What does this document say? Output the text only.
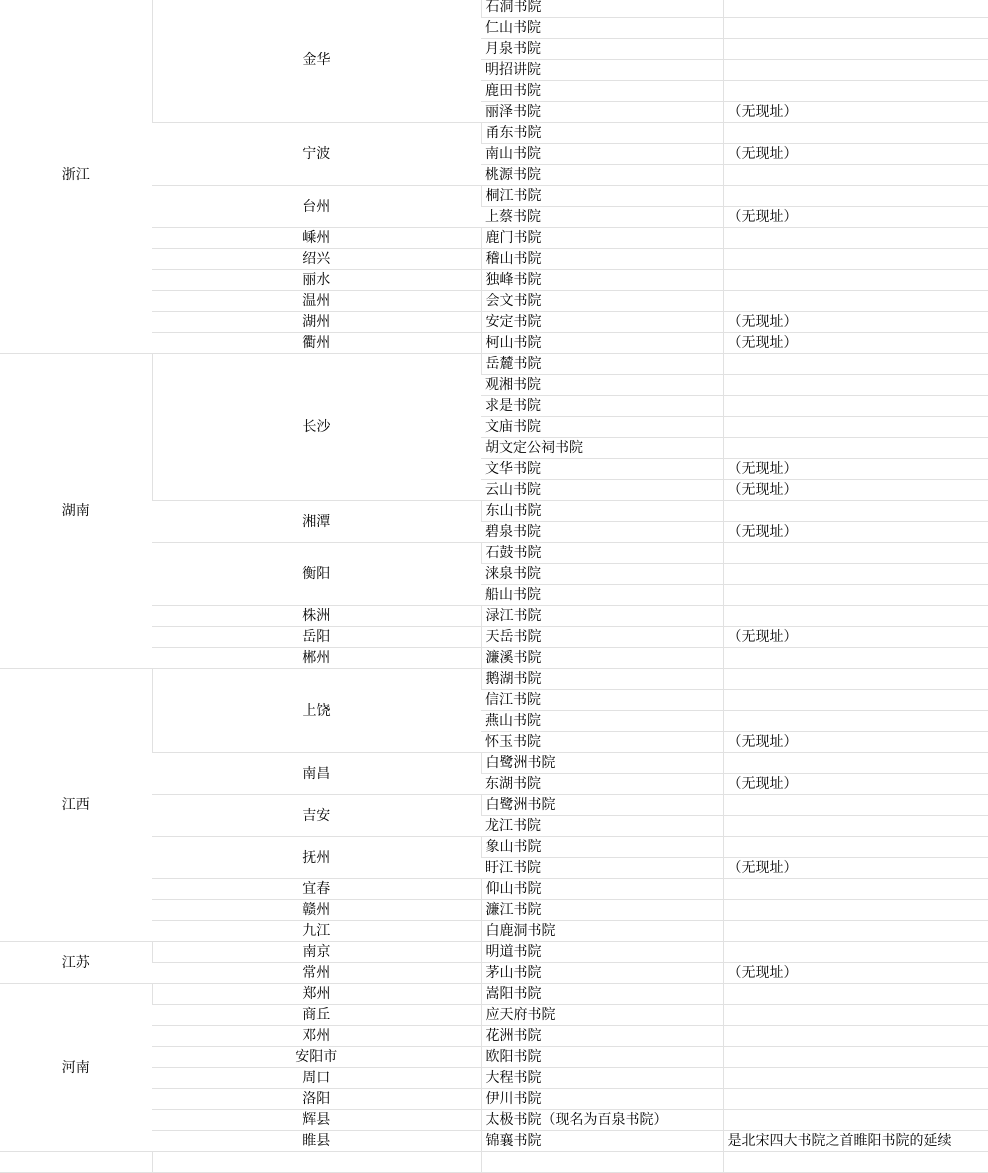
浙江	金华	石洞书院	
		仁山书院	
		月泉书院	
		明招讲院	
		鹿田书院	
		丽泽书院	（无现址）
	宁波	甬东书院	
		南山书院	（无现址）
		桃源书院	
	台州	桐江书院	
		上蔡书院	（无现址）
	嵊州	鹿门书院	
	绍兴	稽山书院	
	丽水	独峰书院	
	温州	会文书院	
	湖州	安定书院	（无现址）
	衢州	柯山书院	（无现址）
湖南	长沙	岳麓书院	
		观湘书院	
		求是书院	
		文庙书院	
		胡文定公祠书院	
		文华书院	（无现址）
		云山书院	（无现址）
	湘潭	东山书院	
		碧泉书院	（无现址）
	衡阳	石鼓书院	
		涞泉书院	
		船山书院	
	株洲	渌江书院	
	岳阳	天岳书院	（无现址）
	郴州	濂溪书院	
江西	上饶	鹅湖书院	
		信江书院	
		燕山书院	
		怀玉书院	（无现址）
	南昌	白鹭洲书院	
		东湖书院	（无现址）
	吉安	白鹭洲书院	
		龙江书院	
	抚州	象山书院	
		盱江书院	（无现址）
	宜春	仰山书院	
	赣州	濂江书院	
	九江	白鹿洞书院	
江苏	南京	明道书院	
	常州	茅山书院	（无现址）
河南	郑州	嵩阳书院	
	商丘	应天府书院	
	邓州	花洲书院	
	安阳市	欧阳书院	
	周口	大程书院	
	洛阳	伊川书院	
	辉县	太极书院（现名为百泉书院）	
	睢县	锦襄书院	是北宋四大书院之首睢阳书院的延续
